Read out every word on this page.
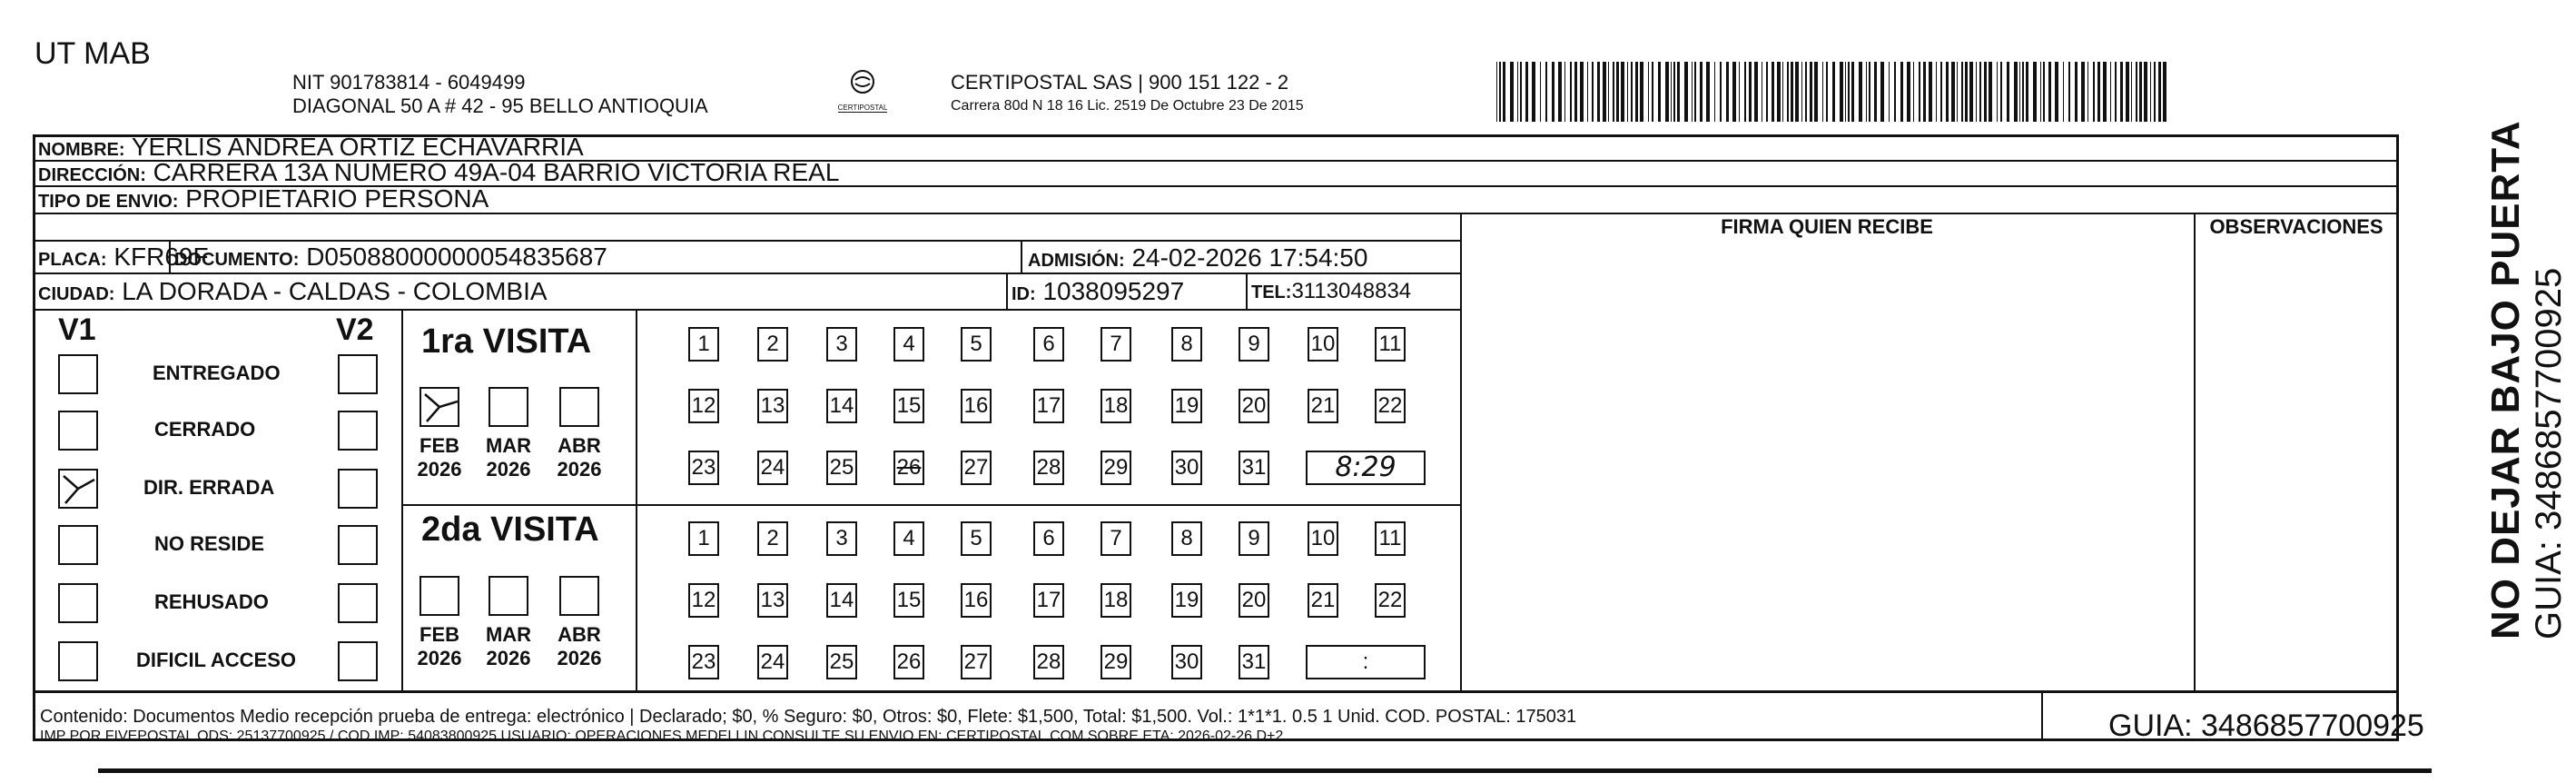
UT MAB
NIT 901783814 - 6049499
DIAGONAL 50 A # 42 - 95 BELLO ANTIOQUIA	CERTIPOSTAL
CERTIPOSTAL SAS | 900 151 122 - 2
Carrera 80d N 18 16 Lic. 2519 De Octubre 23 De 2015
NOMBRE: YERLIS ANDREA ORTIZ ECHAVARRIA
DIRECCIÓN: CARRERA 13A NUMERO 49A-04 BARRIO VICTORIA REAL
TIPO DE ENVIO: PROPIETARIO PERSONA
FIRMA QUIEN RECIBE	OBSERVACIONES
PLACA: KFR69F
DOCUMENTO: D05088000000054835687	ADMISIÓN: 24-02-2026 17:54:50
CIUDAD: LA DORADA - CALDAS - COLOMBIA	ID: 1038095297	TEL:3113048834
V1	V2
ENTREGADO
CERRADO
DIR. ERRADA
NO RESIDE
REHUSADO
DIFICIL ACCESO
1ra VISITA
FEB
2026
MAR
2026
ABR
2026
1	2	3	4	5	6	7	8	9	10 11
12 13 14 15 16 17 18 19 20 21 22
23 24 25 26 27 28 29 30 31	8:29
2da VISITA
FEB
2026
MAR
2026
ABR
2026
1	2	3	4	5	6	7	8	9	10 11
12 13 14 15 16 17 18 19 20 21 22
23 24 25 26 27 28 29 30 31	:
NO DEJAR BAJO PUERTA GUIA: 3486857700925
Contenido: Documentos Medio recepción prueba de entrega: electrónico | Declarado; $0, % Seguro: $0, Otros: $0, Flete: $1,500, Total: $1,500. Vol.: 1*1*1. 0.5 1 Unid. COD. POSTAL: 175031
IMP POR FIVEPOSTAL ODS: 25137700925 / COD.IMP: 54083800925 USUARIO: OPERACIONES MEDELLIN CONSULTE SU ENVIO EN: CERTIPOSTAL.COM SOBRE ETA: 2026-02-26 D+2	GUIA: 3486857700925
